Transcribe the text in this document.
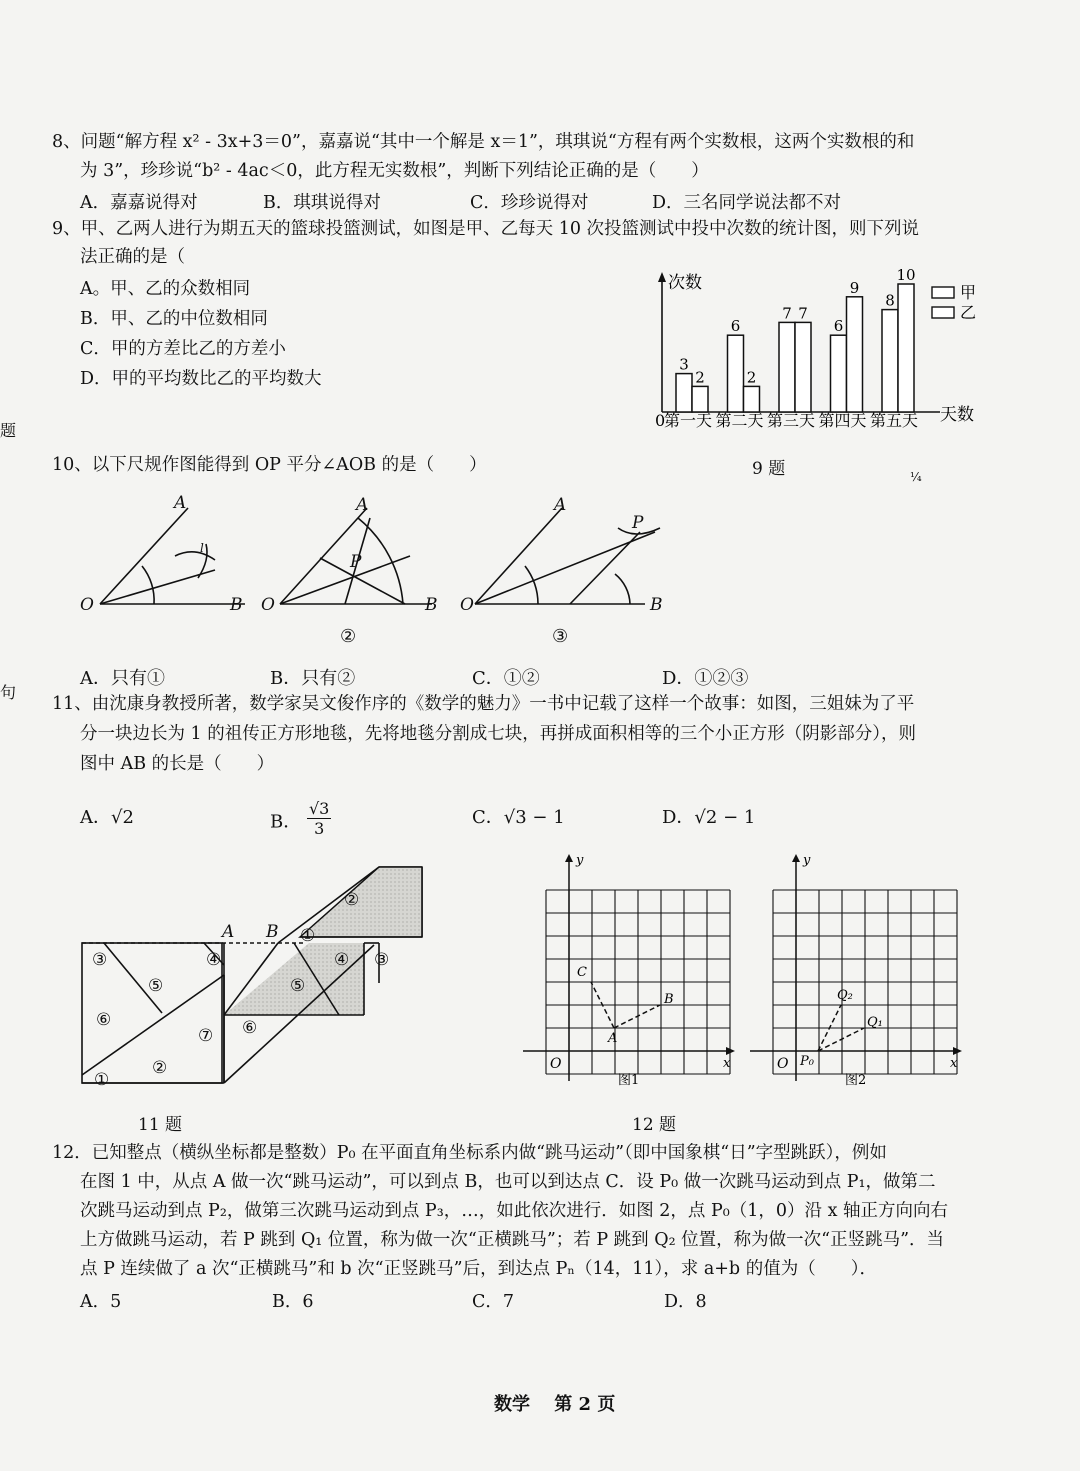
8、问题“解方程 x² - 3x+3＝0”，嘉嘉说“其中一个解是 x＝1”，琪琪说“方程有两个实数根，这两个实数根的和
为 3”，珍珍说“b² - 4ac＜0，此方程无实数根”，判断下列结论正确的是（　　）
A．嘉嘉说得对	B．琪琪说得对	C．珍珍说得对	D．三名同学说法都不对
9、甲、乙两人进行为期五天的篮球投篮测试，如图是甲、乙每天 10 次投篮测试中投中次数的统计图，则下列说
法正确的是（
A。甲、乙的众数相同
B．甲、乙的中位数相同
C．甲的方差比乙的方差小
D．甲的平均数比乙的平均数大
次数
天数
0
3
2
第一天
6
2
第二天
7 7
第三天
6
9
第四天
8
10
第五天
甲
乙
9 题	¼
题
句
10、以下尺规作图能得到 OP 平分∠AOB 的是（　　）
A
B
O
l
A
B
O
P
A
B
O
P
②	③
A．只有①	B．只有②	C．①②	D．①②③
11、由沈康身教授所著，数学家吴文俊作序的《数学的魅力》一书中记载了这样一个故事：如图，三姐妹为了平
分一块边长为 1 的祖传正方形地毯，先将地毯分割成七块，再拼成面积相等的三个小正方形（阴影部分），则
图中 AB 的长是（　　）
A．√2	B． $\frac{√3}{3}$	C．√3 − 1	D．√2 − 1
A B
③
⑤
④
⑥
②
①
⑦ ⑥
⑤
①
②
④ ③
11 题
y
x
O
图1
A
B
C
y
x
O
图2
P₀
Q₁
Q₂
12 题
12．已知整点（横纵坐标都是整数）P₀ 在平面直角坐标系内做“跳马运动”（即中国象棋“日”字型跳跃），例如
在图 1 中，从点 A 做一次“跳马运动”，可以到点 B，也可以到达点 C．设 P₀ 做一次跳马运动到点 P₁，做第二
次跳马运动到点 P₂，做第三次跳马运动到点 P₃，…，如此依次进行．如图 2，点 P₀（1，0）沿 x 轴正方向向右
上方做跳马运动，若 P 跳到 Q₁ 位置，称为做一次“正横跳马”；若 P 跳到 Q₂ 位置，称为做一次“正竖跳马”．当
点 P 连续做了 a 次“正横跳马”和 b 次“正竖跳马”后，到达点 Pₙ（14，11），求 a+b 的值为（　　）．
A．5	B．6	C．7	D．8
数学　 第 2 页
